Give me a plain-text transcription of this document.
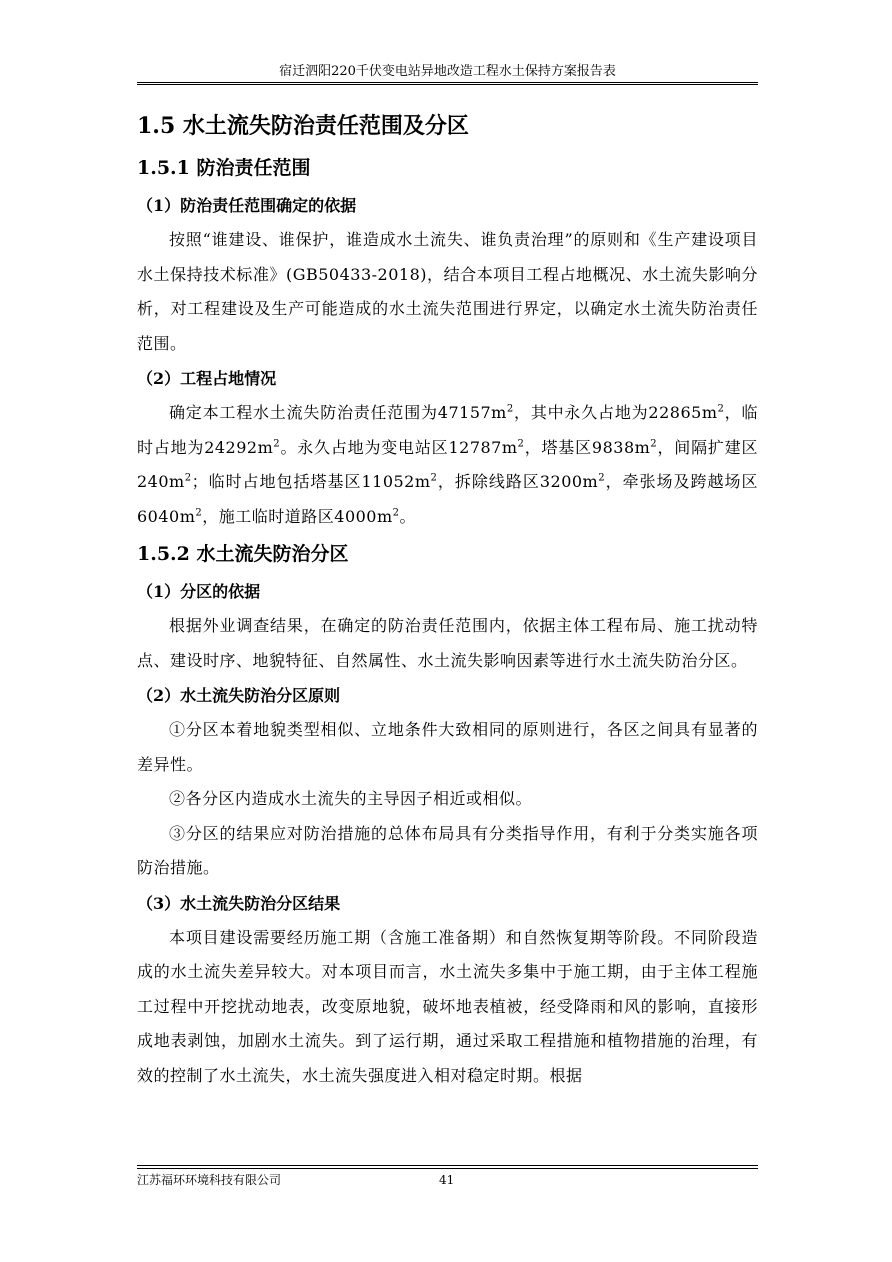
宿迁泗阳220千伏变电站异地改造工程水土保持方案报告表
1.5 水土流失防治责任范围及分区
1.5.1 防治责任范围
（1）防治责任范围确定的依据

按照“谁建设、谁保护，谁造成水土流失、谁负责治理”的原则和《生产建设项目水土保持技术标准》(GB50433-2018)，结合本项目工程占地概况、水土流失影响分析，对工程建设及生产可能造成的水土流失范围进行界定，以确定水土流失防治责任范围。

（2）工程占地情况

确定本工程水土流失防治责任范围为$47157m^2$，其中永久占地为$22865m^2$，临时占地为$24292m^2$。永久占地为变电站区$12787m^2$，塔基区$9838m^2$，间隔扩建区$240m^2$；临时占地包括塔基区$11052m^2$，拆除线路区$3200m^2$，牵张场及跨越场区$6040m^2$，施工临时道路区$4000m^2$。

1.5.2 水土流失防治分区
（1）分区的依据

根据外业调查结果，在确定的防治责任范围内，依据主体工程布局、施工扰动特点、建设时序、地貌特征、自然属性、水土流失影响因素等进行水土流失防治分区。

（2）水土流失防治分区原则

①分区本着地貌类型相似、立地条件大致相同的原则进行，各区之间具有显著的差异性。

②各分区内造成水土流失的主导因子相近或相似。

③分区的结果应对防治措施的总体布局具有分类指导作用，有利于分类实施各项防治措施。

（3）水土流失防治分区结果

本项目建设需要经历施工期（含施工准备期）和自然恢复期等阶段。不同阶段造成的水土流失差异较大。对本项目而言，水土流失多集中于施工期，由于主体工程施工过程中开挖扰动地表，改变原地貌，破坏地表植被，经受降雨和风的影响，直接形成地表剥蚀，加剧水土流失。到了运行期，通过采取工程措施和植物措施的治理，有效的控制了水土流失，水土流失强度进入相对稳定时期。根据

江苏福环环境科技有限公司	41
